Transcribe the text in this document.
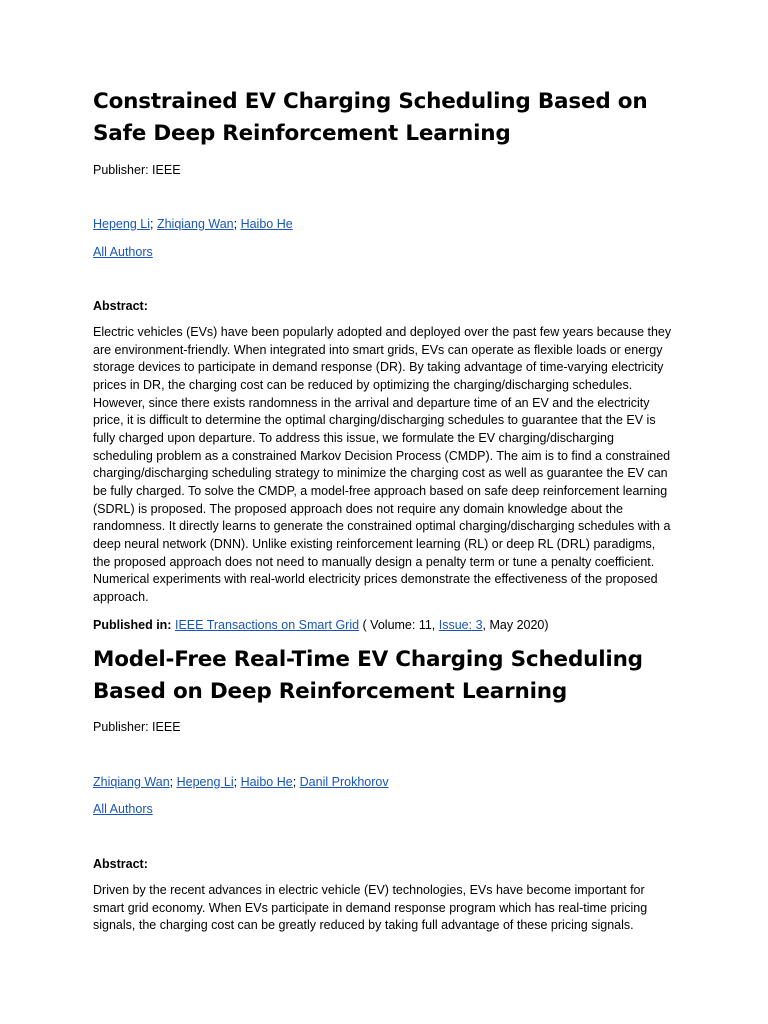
Constrained EV Charging Scheduling Based on Safe Deep Reinforcement Learning

Publisher: IEEE

Hepeng Li; Zhiqiang Wan; Haibo He

All Authors

Abstract:

Electric vehicles (EVs) have been popularly adopted and deployed over the past few years because they are environment-friendly. When integrated into smart grids, EVs can operate as flexible loads or energy storage devices to participate in demand response (DR). By taking advantage of time-varying electricity prices in DR, the charging cost can be reduced by optimizing the charging/discharging schedules. However, since there exists randomness in the arrival and departure time of an EV and the electricity price, it is difficult to determine the optimal charging/discharging schedules to guarantee that the EV is fully charged upon departure. To address this issue, we formulate the EV charging/discharging scheduling problem as a constrained Markov Decision Process (CMDP). The aim is to find a constrained charging/discharging scheduling strategy to minimize the charging cost as well as guarantee the EV can be fully charged. To solve the CMDP, a model-free approach based on safe deep reinforcement learning (SDRL) is proposed. The proposed approach does not require any domain knowledge about the randomness. It directly learns to generate the constrained optimal charging/discharging schedules with a deep neural network (DNN). Unlike existing reinforcement learning (RL) or deep RL (DRL) paradigms, the proposed approach does not need to manually design a penalty term or tune a penalty coefficient. Numerical experiments with real-world electricity prices demonstrate the effectiveness of the proposed approach.

Published in: IEEE Transactions on Smart Grid ( Volume: 11, Issue: 3, May 2020)

Model-Free Real-Time EV Charging Scheduling Based on Deep Reinforcement Learning

Publisher: IEEE

Zhiqiang Wan; Hepeng Li; Haibo He; Danil Prokhorov

All Authors

Abstract:

Driven by the recent advances in electric vehicle (EV) technologies, EVs have become important for smart grid economy. When EVs participate in demand response program which has real-time pricing signals, the charging cost can be greatly reduced by taking full advantage of these pricing signals.
